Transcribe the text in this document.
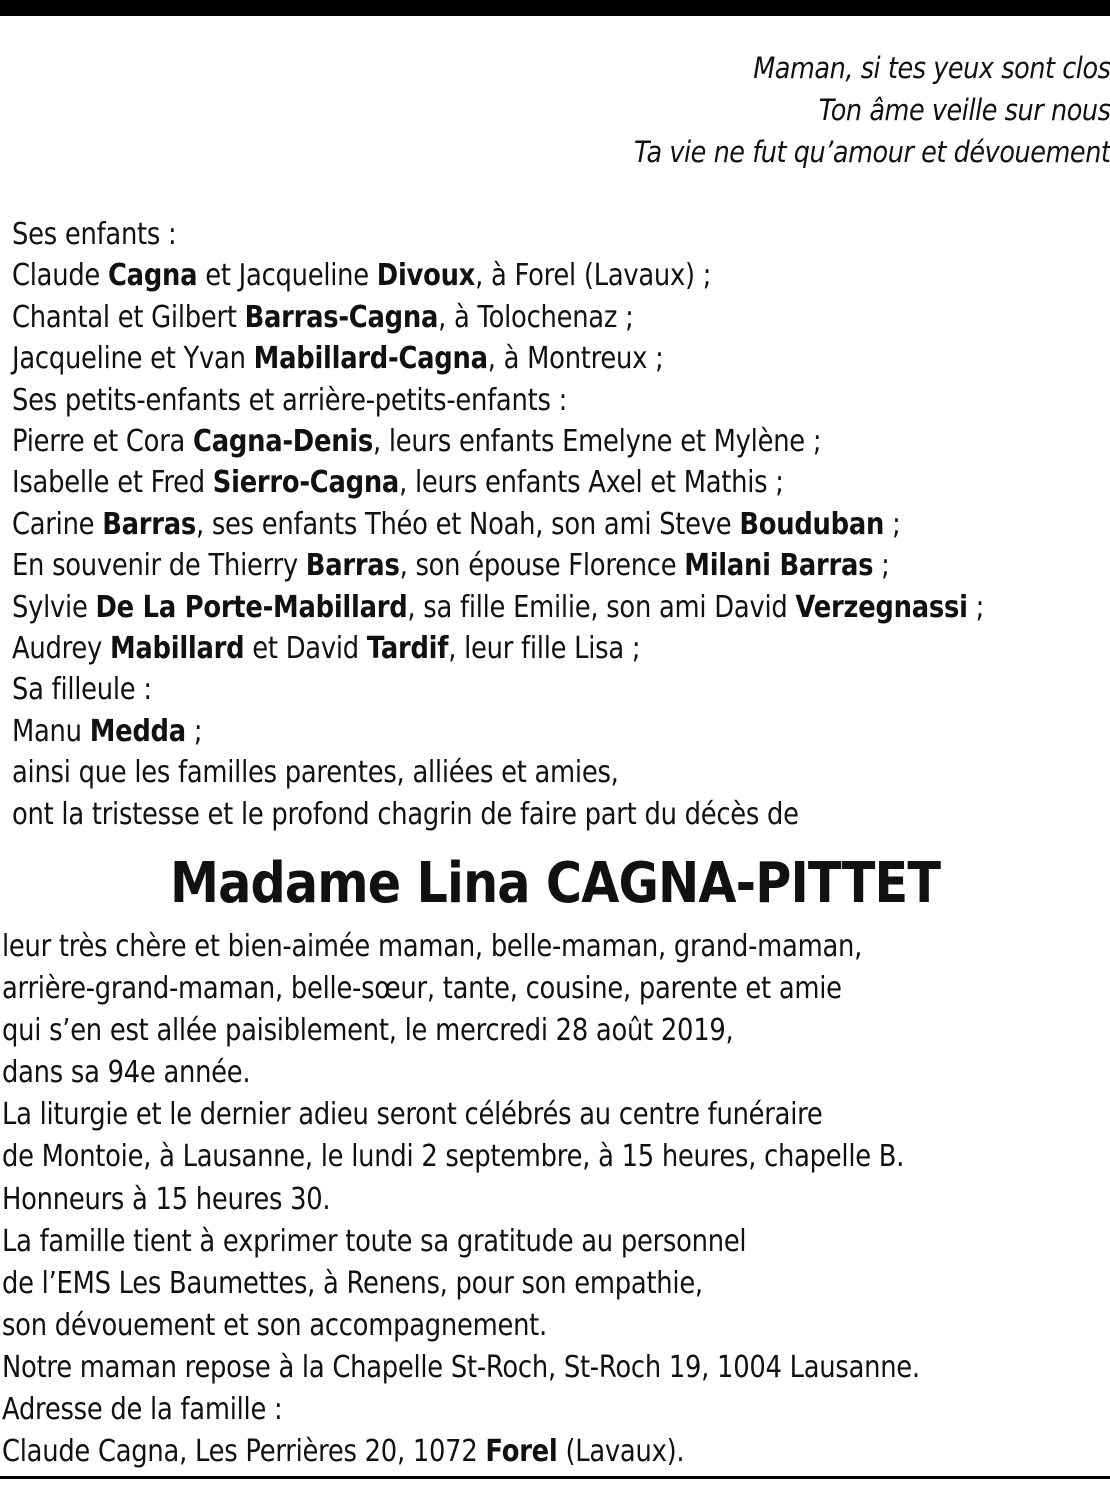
Maman, si tes yeux sont clos
Ton âme veille sur nous
Ta vie ne fut qu’amour et dévouement
Ses enfants :
Claude Cagna et Jacqueline Divoux, à Forel (Lavaux) ;
Chantal et Gilbert Barras-Cagna, à Tolochenaz ;
Jacqueline et Yvan Mabillard-Cagna, à Montreux ;
Ses petits-enfants et arrière-petits-enfants :
Pierre et Cora Cagna-Denis, leurs enfants Emelyne et Mylène ;
Isabelle et Fred Sierro-Cagna, leurs enfants Axel et Mathis ;
Carine Barras, ses enfants Théo et Noah, son ami Steve Bouduban ;
En souvenir de Thierry Barras, son épouse Florence Milani Barras ;
Sylvie De La Porte-Mabillard, sa fille Emilie, son ami David Verzegnassi ;
Audrey Mabillard et David Tardif, leur fille Lisa ;
Sa filleule :
Manu Medda ;
ainsi que les familles parentes, alliées et amies,
ont la tristesse et le profond chagrin de faire part du décès de
Madame Lina CAGNA-PITTET
leur très chère et bien-aimée maman, belle-maman, grand-maman,
arrière-grand-maman, belle-sœur, tante, cousine, parente et amie
qui s’en est allée paisiblement, le mercredi 28 août 2019,
dans sa 94e année.
La liturgie et le dernier adieu seront célébrés au centre funéraire
de Montoie, à Lausanne, le lundi 2 septembre, à 15 heures, chapelle B.
Honneurs à 15 heures 30.
La famille tient à exprimer toute sa gratitude au personnel
de l’EMS Les Baumettes, à Renens, pour son empathie,
son dévouement et son accompagnement.
Notre maman repose à la Chapelle St-Roch, St-Roch 19, 1004 Lausanne.
Adresse de la famille :
Claude Cagna, Les Perrières 20, 1072 Forel (Lavaux).
